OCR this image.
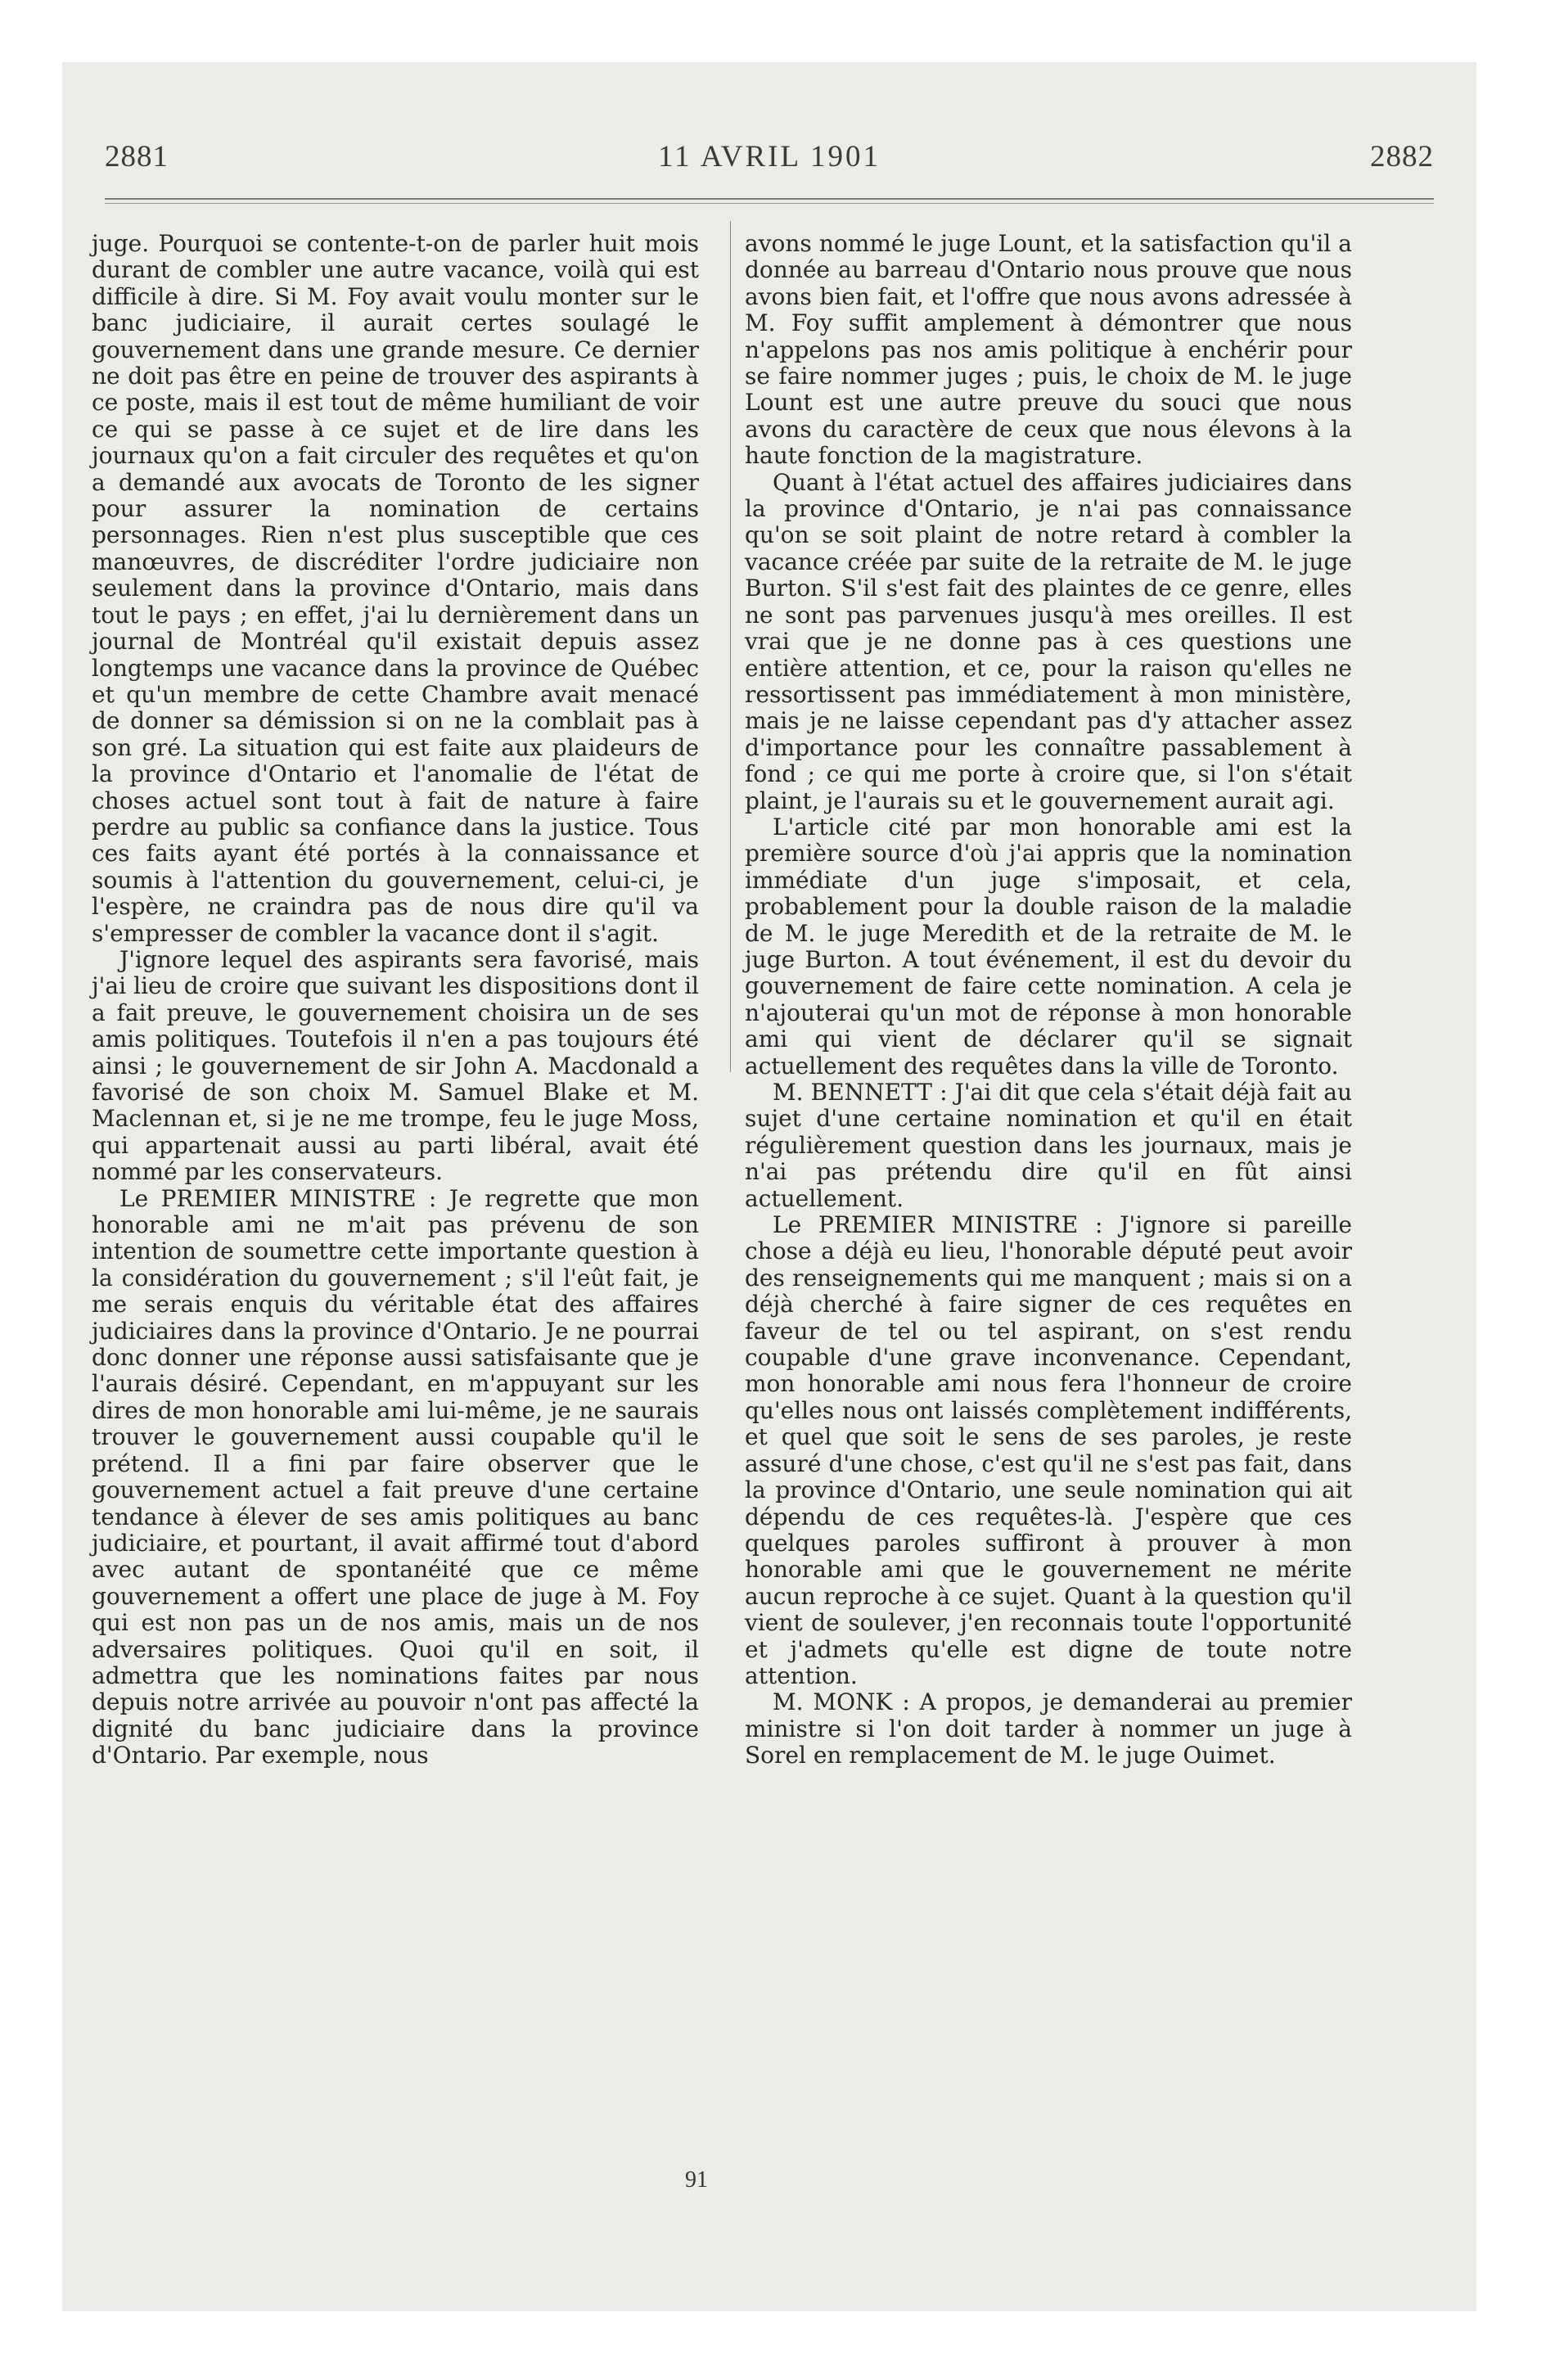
2881	11 AVRIL 1901	2882

juge. Pourquoi se contente-t-on de parler huit mois durant de combler une autre vacance, voilà qui est difficile à dire. Si M. Foy avait voulu monter sur le banc judiciaire, il aurait certes soulagé le gouvernement dans une grande mesure. Ce dernier ne doit pas être en peine de trouver des aspirants à ce poste, mais il est tout de même humiliant de voir ce qui se passe à ce sujet et de lire dans les journaux qu'on a fait circuler des requêtes et qu'on a demandé aux avocats de Toronto de les signer pour assurer la nomination de certains personnages. Rien n'est plus susceptible que ces manœuvres, de discréditer l'ordre judiciaire non seulement dans la province d'Ontario, mais dans tout le pays ; en effet, j'ai lu dernièrement dans un journal de Montréal qu'il existait depuis assez longtemps une vacance dans la province de Québec et qu'un membre de cette Chambre avait menacé de donner sa démission si on ne la comblait pas à son gré. La situation qui est faite aux plaideurs de la province d'Ontario et l'anomalie de l'état de choses actuel sont tout à fait de nature à faire perdre au public sa confiance dans la justice. Tous ces faits ayant été portés à la connaissance et soumis à l'attention du gouvernement, celui-ci, je l'espère, ne craindra pas de nous dire qu'il va s'empresser de combler la vacance dont il s'agit.

J'ignore lequel des aspirants sera favorisé, mais j'ai lieu de croire que suivant les dispositions dont il a fait preuve, le gouvernement choisira un de ses amis politiques. Toutefois il n'en a pas toujours été ainsi ; le gouvernement de sir John A. Macdonald a favorisé de son choix M. Samuel Blake et M. Maclennan et, si je ne me trompe, feu le juge Moss, qui appartenait aussi au parti libéral, avait été nommé par les conservateurs.

Le PREMIER MINISTRE : Je regrette que mon honorable ami ne m'ait pas prévenu de son intention de soumettre cette importante question à la considération du gouvernement ; s'il l'eût fait, je me serais enquis du véritable état des affaires judiciaires dans la province d'Ontario. Je ne pourrai donc donner une réponse aussi satisfaisante que je l'aurais désiré. Cependant, en m'appuyant sur les dires de mon honorable ami lui-même, je ne saurais trouver le gouvernement aussi coupable qu'il le prétend. Il a fini par faire observer que le gouvernement actuel a fait preuve d'une certaine tendance à élever de ses amis politiques au banc judiciaire, et pourtant, il avait affirmé tout d'abord avec autant de spontanéité que ce même gouvernement a offert une place de juge à M. Foy qui est non pas un de nos amis, mais un de nos adversaires politiques. Quoi qu'il en soit, il admettra que les nominations faites par nous depuis notre arrivée au pouvoir n'ont pas affecté la dignité du banc judiciaire dans la province d'Ontario. Par exemple, nous

avons nommé le juge Lount, et la satisfaction qu'il a donnée au barreau d'Ontario nous prouve que nous avons bien fait, et l'offre que nous avons adressée à M. Foy suffit amplement à démontrer que nous n'appelons pas nos amis politique à enchérir pour se faire nommer juges ; puis, le choix de M. le juge Lount est une autre preuve du souci que nous avons du caractère de ceux que nous élevons à la haute fonction de la magistrature.

Quant à l'état actuel des affaires judiciaires dans la province d'Ontario, je n'ai pas connaissance qu'on se soit plaint de notre retard à combler la vacance créée par suite de la retraite de M. le juge Burton. S'il s'est fait des plaintes de ce genre, elles ne sont pas parvenues jusqu'à mes oreilles. Il est vrai que je ne donne pas à ces questions une entière attention, et ce, pour la raison qu'elles ne ressortissent pas immédiatement à mon ministère, mais je ne laisse cependant pas d'y attacher assez d'importance pour les connaître passablement à fond ; ce qui me porte à croire que, si l'on s'était plaint, je l'aurais su et le gouvernement aurait agi.

L'article cité par mon honorable ami est la première source d'où j'ai appris que la nomination immédiate d'un juge s'imposait, et cela, probablement pour la double raison de la maladie de M. le juge Meredith et de la retraite de M. le juge Burton. A tout événement, il est du devoir du gouvernement de faire cette nomination. A cela je n'ajouterai qu'un mot de réponse à mon honorable ami qui vient de déclarer qu'il se signait actuellement des requêtes dans la ville de Toronto.

M. BENNETT : J'ai dit que cela s'était déjà fait au sujet d'une certaine nomination et qu'il en était régulièrement question dans les journaux, mais je n'ai pas prétendu dire qu'il en fût ainsi actuellement.

Le PREMIER MINISTRE : J'ignore si pareille chose a déjà eu lieu, l'honorable député peut avoir des renseignements qui me manquent ; mais si on a déjà cherché à faire signer de ces requêtes en faveur de tel ou tel aspirant, on s'est rendu coupable d'une grave inconvenance. Cependant, mon honorable ami nous fera l'honneur de croire qu'elles nous ont laissés complètement indifférents, et quel que soit le sens de ses paroles, je reste assuré d'une chose, c'est qu'il ne s'est pas fait, dans la province d'Ontario, une seule nomination qui ait dépendu de ces requêtes-là. J'espère que ces quelques paroles suffiront à prouver à mon honorable ami que le gouvernement ne mérite aucun reproche à ce sujet. Quant à la question qu'il vient de soulever, j'en reconnais toute l'opportunité et j'admets qu'elle est digne de toute notre attention.

M. MONK : A propos, je demanderai au premier ministre si l'on doit tarder à nommer un juge à Sorel en remplacement de M. le juge Ouimet.

91
